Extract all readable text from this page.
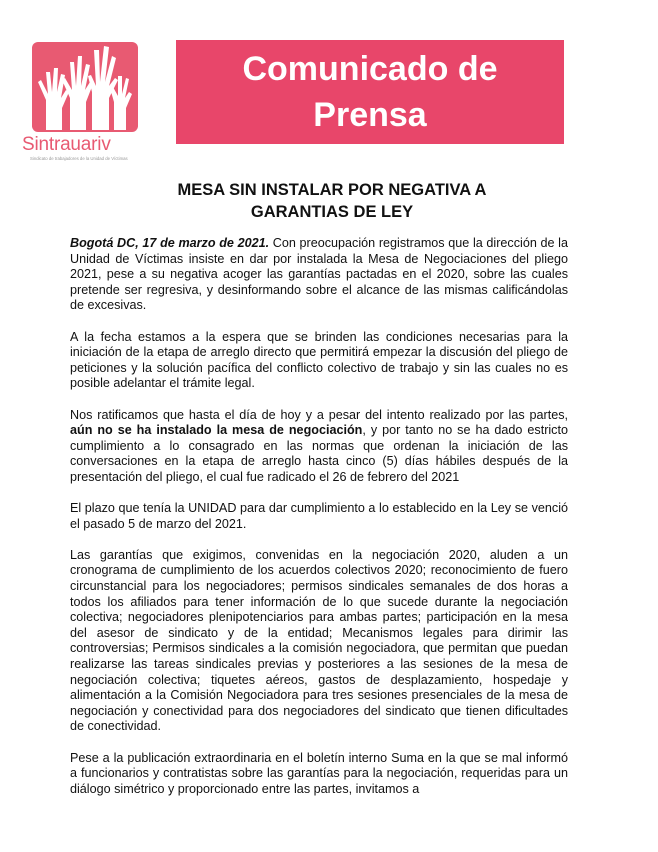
Sintrauariv
Sindicato de trabajadores de la Unidad de Víctimas
Comunicado de
Prensa
MESA SIN INSTALAR POR NEGATIVA A
GARANTIAS DE LEY

Bogotá DC, 17 de marzo de 2021. Con preocupación registramos que la dirección de la Unidad de Víctimas insiste en dar por instalada la Mesa de Negociaciones del pliego 2021, pese a su negativa acoger las garantías pactadas en el 2020, sobre las cuales pretende ser regresiva, y desinformando sobre el alcance de las mismas calificándolas de excesivas.

A la fecha estamos a la espera que se brinden las condiciones necesarias para la iniciación de la etapa de arreglo directo que permitirá empezar la discusión del pliego de peticiones y la solución pacífica del conflicto colectivo de trabajo y sin las cuales no es posible adelantar el trámite legal.

Nos ratificamos que hasta el día de hoy y a pesar del intento realizado por las partes, aún no se ha instalado la mesa de negociación, y por tanto no se ha dado estricto cumplimiento a lo consagrado en las normas que ordenan la iniciación de las conversaciones en la etapa de arreglo hasta cinco (5) días hábiles después de la presentación del pliego, el cual fue radicado el 26 de febrero del 2021

El plazo que tenía la UNIDAD para dar cumplimiento a lo establecido en la Ley se venció el pasado 5 de marzo del 2021.

Las garantías que exigimos, convenidas en la negociación 2020, aluden a un cronograma de cumplimiento de los acuerdos colectivos 2020; reconocimiento de fuero circunstancial para los negociadores; permisos sindicales semanales de dos horas a todos los afiliados para tener información de lo que sucede durante la negociación colectiva; negociadores plenipotenciarios para ambas partes; participación en la mesa del asesor de sindicato y de la entidad; Mecanismos legales para dirimir las controversias; Permisos sindicales a la comisión negociadora, que permitan que puedan realizarse las tareas sindicales previas y posteriores a las sesiones de la mesa de negociación colectiva; tiquetes aéreos, gastos de desplazamiento, hospedaje y alimentación a la Comisión Negociadora para tres sesiones presenciales de la mesa de negociación y conectividad para dos negociadores del sindicato que tienen dificultades de conectividad.

Pese a la publicación extraordinaria en el boletín interno Suma en la que se mal informó a funcionarios y contratistas sobre las garantías para la negociación, requeridas para un diálogo simétrico y proporcionado entre las partes, invitamos a
